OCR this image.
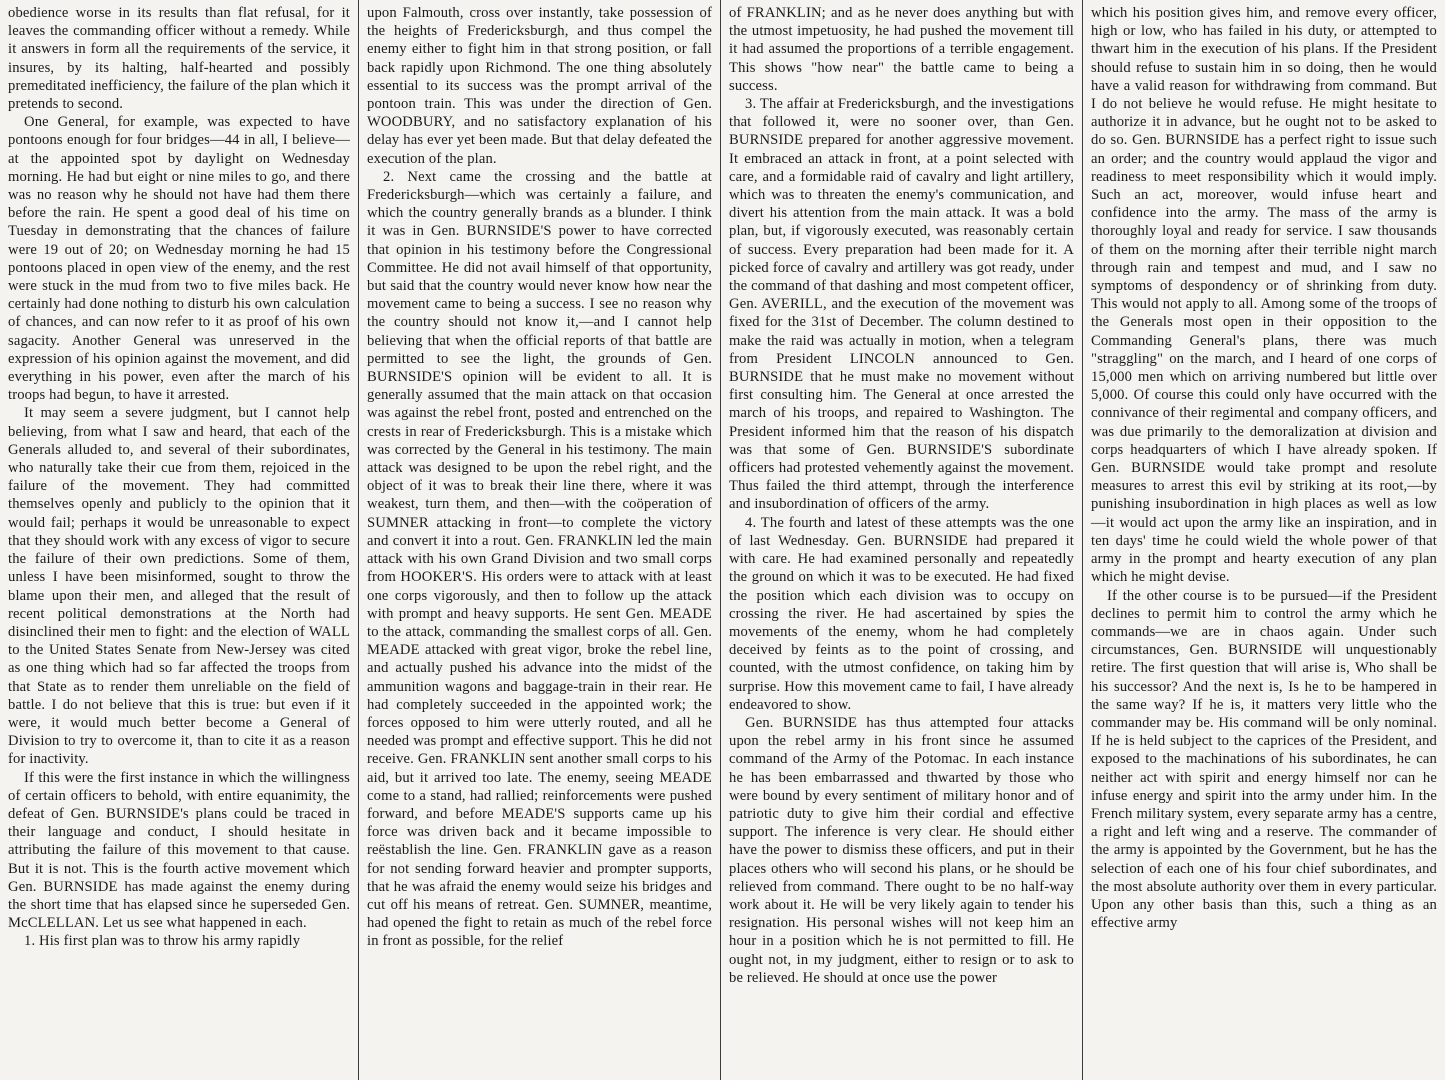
obedience worse in its results than flat refusal, for it leaves the commanding officer without a remedy. While it answers in form all the requirements of the service, it insures, by its halting, half-hearted and possibly premeditated inefficiency, the failure of the plan which it pretends to second.

One General, for example, was expected to have pontoons enough for four bridges—44 in all, I believe—at the appointed spot by daylight on Wednesday morning. He had but eight or nine miles to go, and there was no reason why he should not have had them there before the rain. He spent a good deal of his time on Tuesday in demonstrating that the chances of failure were 19 out of 20; on Wednesday morning he had 15 pontoons placed in open view of the enemy, and the rest were stuck in the mud from two to five miles back. He certainly had done nothing to disturb his own calculation of chances, and can now refer to it as proof of his own sagacity. Another General was unreserved in the expression of his opinion against the movement, and did everything in his power, even after the march of his troops had begun, to have it arrested.

It may seem a severe judgment, but I cannot help believing, from what I saw and heard, that each of the Generals alluded to, and several of their subordinates, who naturally take their cue from them, rejoiced in the failure of the movement. They had committed themselves openly and publicly to the opinion that it would fail; perhaps it would be unreasonable to expect that they should work with any excess of vigor to secure the failure of their own predictions. Some of them, unless I have been misinformed, sought to throw the blame upon their men, and alleged that the result of recent political demonstrations at the North had disinclined their men to fight: and the election of WALL to the United States Senate from New-Jersey was cited as one thing which had so far affected the troops from that State as to render them unreliable on the field of battle. I do not believe that this is true: but even if it were, it would much better become a General of Division to try to overcome it, than to cite it as a reason for inactivity.

If this were the first instance in which the willingness of certain officers to behold, with entire equanimity, the defeat of Gen. BURNSIDE's plans could be traced in their language and conduct, I should hesitate in attributing the failure of this movement to that cause. But it is not. This is the fourth active movement which Gen. BURNSIDE has made against the enemy during the short time that has elapsed since he superseded Gen. McCLELLAN. Let us see what happened in each.

1. His first plan was to throw his army rapidly

upon Falmouth, cross over instantly, take possession of the heights of Fredericksburgh, and thus compel the enemy either to fight him in that strong position, or fall back rapidly upon Richmond. The one thing absolutely essential to its success was the prompt arrival of the pontoon train. This was under the direction of Gen. WOODBURY, and no satisfactory explanation of his delay has ever yet been made. But that delay defeated the execution of the plan.

2. Next came the crossing and the battle at Fredericksburgh—which was certainly a failure, and which the country generally brands as a blunder. I think it was in Gen. BURNSIDE'S power to have corrected that opinion in his testimony before the Congressional Committee. He did not avail himself of that opportunity, but said that the country would never know how near the movement came to being a success. I see no reason why the country should not know it,—and I cannot help believing that when the official reports of that battle are permitted to see the light, the grounds of Gen. BURNSIDE'S opinion will be evident to all. It is generally assumed that the main attack on that occasion was against the rebel front, posted and entrenched on the crests in rear of Fredericksburgh. This is a mistake which was corrected by the General in his testimony. The main attack was designed to be upon the rebel right, and the object of it was to break their line there, where it was weakest, turn them, and then—with the coöperation of SUMNER attacking in front—to complete the victory and convert it into a rout. Gen. FRANKLIN led the main attack with his own Grand Division and two small corps from HOOKER'S. His orders were to attack with at least one corps vigorously, and then to follow up the attack with prompt and heavy supports. He sent Gen. MEADE to the attack, commanding the smallest corps of all. Gen. MEADE attacked with great vigor, broke the rebel line, and actually pushed his advance into the midst of the ammunition wagons and baggage-train in their rear. He had completely succeeded in the appointed work; the forces opposed to him were utterly routed, and all he needed was prompt and effective support. This he did not receive. Gen. FRANKLIN sent another small corps to his aid, but it arrived too late. The enemy, seeing MEADE come to a stand, had rallied; reinforcements were pushed forward, and before MEADE'S supports came up his force was driven back and it became impossible to reëstablish the line. Gen. FRANKLIN gave as a reason for not sending forward heavier and prompter supports, that he was afraid the enemy would seize his bridges and cut off his means of retreat. Gen. SUMNER, meantime, had opened the fight to retain as much of the rebel force in front as possible, for the relief

of FRANKLIN; and as he never does anything but with the utmost impetuosity, he had pushed the movement till it had assumed the proportions of a terrible engagement. This shows "how near" the battle came to being a success.

3. The affair at Fredericksburgh, and the investigations that followed it, were no sooner over, than Gen. BURNSIDE prepared for another aggressive movement. It embraced an attack in front, at a point selected with care, and a formidable raid of cavalry and light artillery, which was to threaten the enemy's communication, and divert his attention from the main attack. It was a bold plan, but, if vigorously executed, was reasonably certain of success. Every preparation had been made for it. A picked force of cavalry and artillery was got ready, under the command of that dashing and most competent officer, Gen. AVERILL, and the execution of the movement was fixed for the 31st of December. The column destined to make the raid was actually in motion, when a telegram from President LINCOLN announced to Gen. BURNSIDE that he must make no movement without first consulting him. The General at once arrested the march of his troops, and repaired to Washington. The President informed him that the reason of his dispatch was that some of Gen. BURNSIDE'S subordinate officers had protested vehemently against the movement. Thus failed the third attempt, through the interference and insubordination of officers of the army.

4. The fourth and latest of these attempts was the one of last Wednesday. Gen. BURNSIDE had prepared it with care. He had examined personally and repeatedly the ground on which it was to be executed. He had fixed the position which each division was to occupy on crossing the river. He had ascertained by spies the movements of the enemy, whom he had completely deceived by feints as to the point of crossing, and counted, with the utmost confidence, on taking him by surprise. How this movement came to fail, I have already endeavored to show.

Gen. BURNSIDE has thus attempted four attacks upon the rebel army in his front since he assumed command of the Army of the Potomac. In each instance he has been embarrassed and thwarted by those who were bound by every sentiment of military honor and of patriotic duty to give him their cordial and effective support. The inference is very clear. He should either have the power to dismiss these officers, and put in their places others who will second his plans, or he should be relieved from command. There ought to be no half-way work about it. He will be very likely again to tender his resignation. His personal wishes will not keep him an hour in a position which he is not permitted to fill. He ought not, in my judgment, either to resign or to ask to be relieved. He should at once use the power

which his position gives him, and remove every officer, high or low, who has failed in his duty, or attempted to thwart him in the execution of his plans. If the President should refuse to sustain him in so doing, then he would have a valid reason for withdrawing from command. But I do not believe he would refuse. He might hesitate to authorize it in advance, but he ought not to be asked to do so. Gen. BURNSIDE has a perfect right to issue such an order; and the country would applaud the vigor and readiness to meet responsibility which it would imply. Such an act, moreover, would infuse heart and confidence into the army. The mass of the army is thoroughly loyal and ready for service. I saw thousands of them on the morning after their terrible night march through rain and tempest and mud, and I saw no symptoms of despondency or of shrinking from duty. This would not apply to all. Among some of the troops of the Generals most open in their opposition to the Commanding General's plans, there was much "straggling" on the march, and I heard of one corps of 15,000 men which on arriving numbered but little over 5,000. Of course this could only have occurred with the connivance of their regimental and company officers, and was due primarily to the demoralization at division and corps headquarters of which I have already spoken. If Gen. BURNSIDE would take prompt and resolute measures to arrest this evil by striking at its root,—by punishing insubordination in high places as well as low—it would act upon the army like an inspiration, and in ten days' time he could wield the whole power of that army in the prompt and hearty execution of any plan which he might devise.

If the other course is to be pursued—if the President declines to permit him to control the army which he commands—we are in chaos again. Under such circumstances, Gen. BURNSIDE will unquestionably retire. The first question that will arise is, Who shall be his successor? And the next is, Is he to be hampered in the same way? If he is, it matters very little who the commander may be. His command will be only nominal. If he is held subject to the caprices of the President, and exposed to the machinations of his subordinates, he can neither act with spirit and energy himself nor can he infuse energy and spirit into the army under him. In the French military system, every separate army has a centre, a right and left wing and a reserve. The commander of the army is appointed by the Government, but he has the selection of each one of his four chief subordinates, and the most absolute authority over them in every particular. Upon any other basis than this, such a thing as an effective army
